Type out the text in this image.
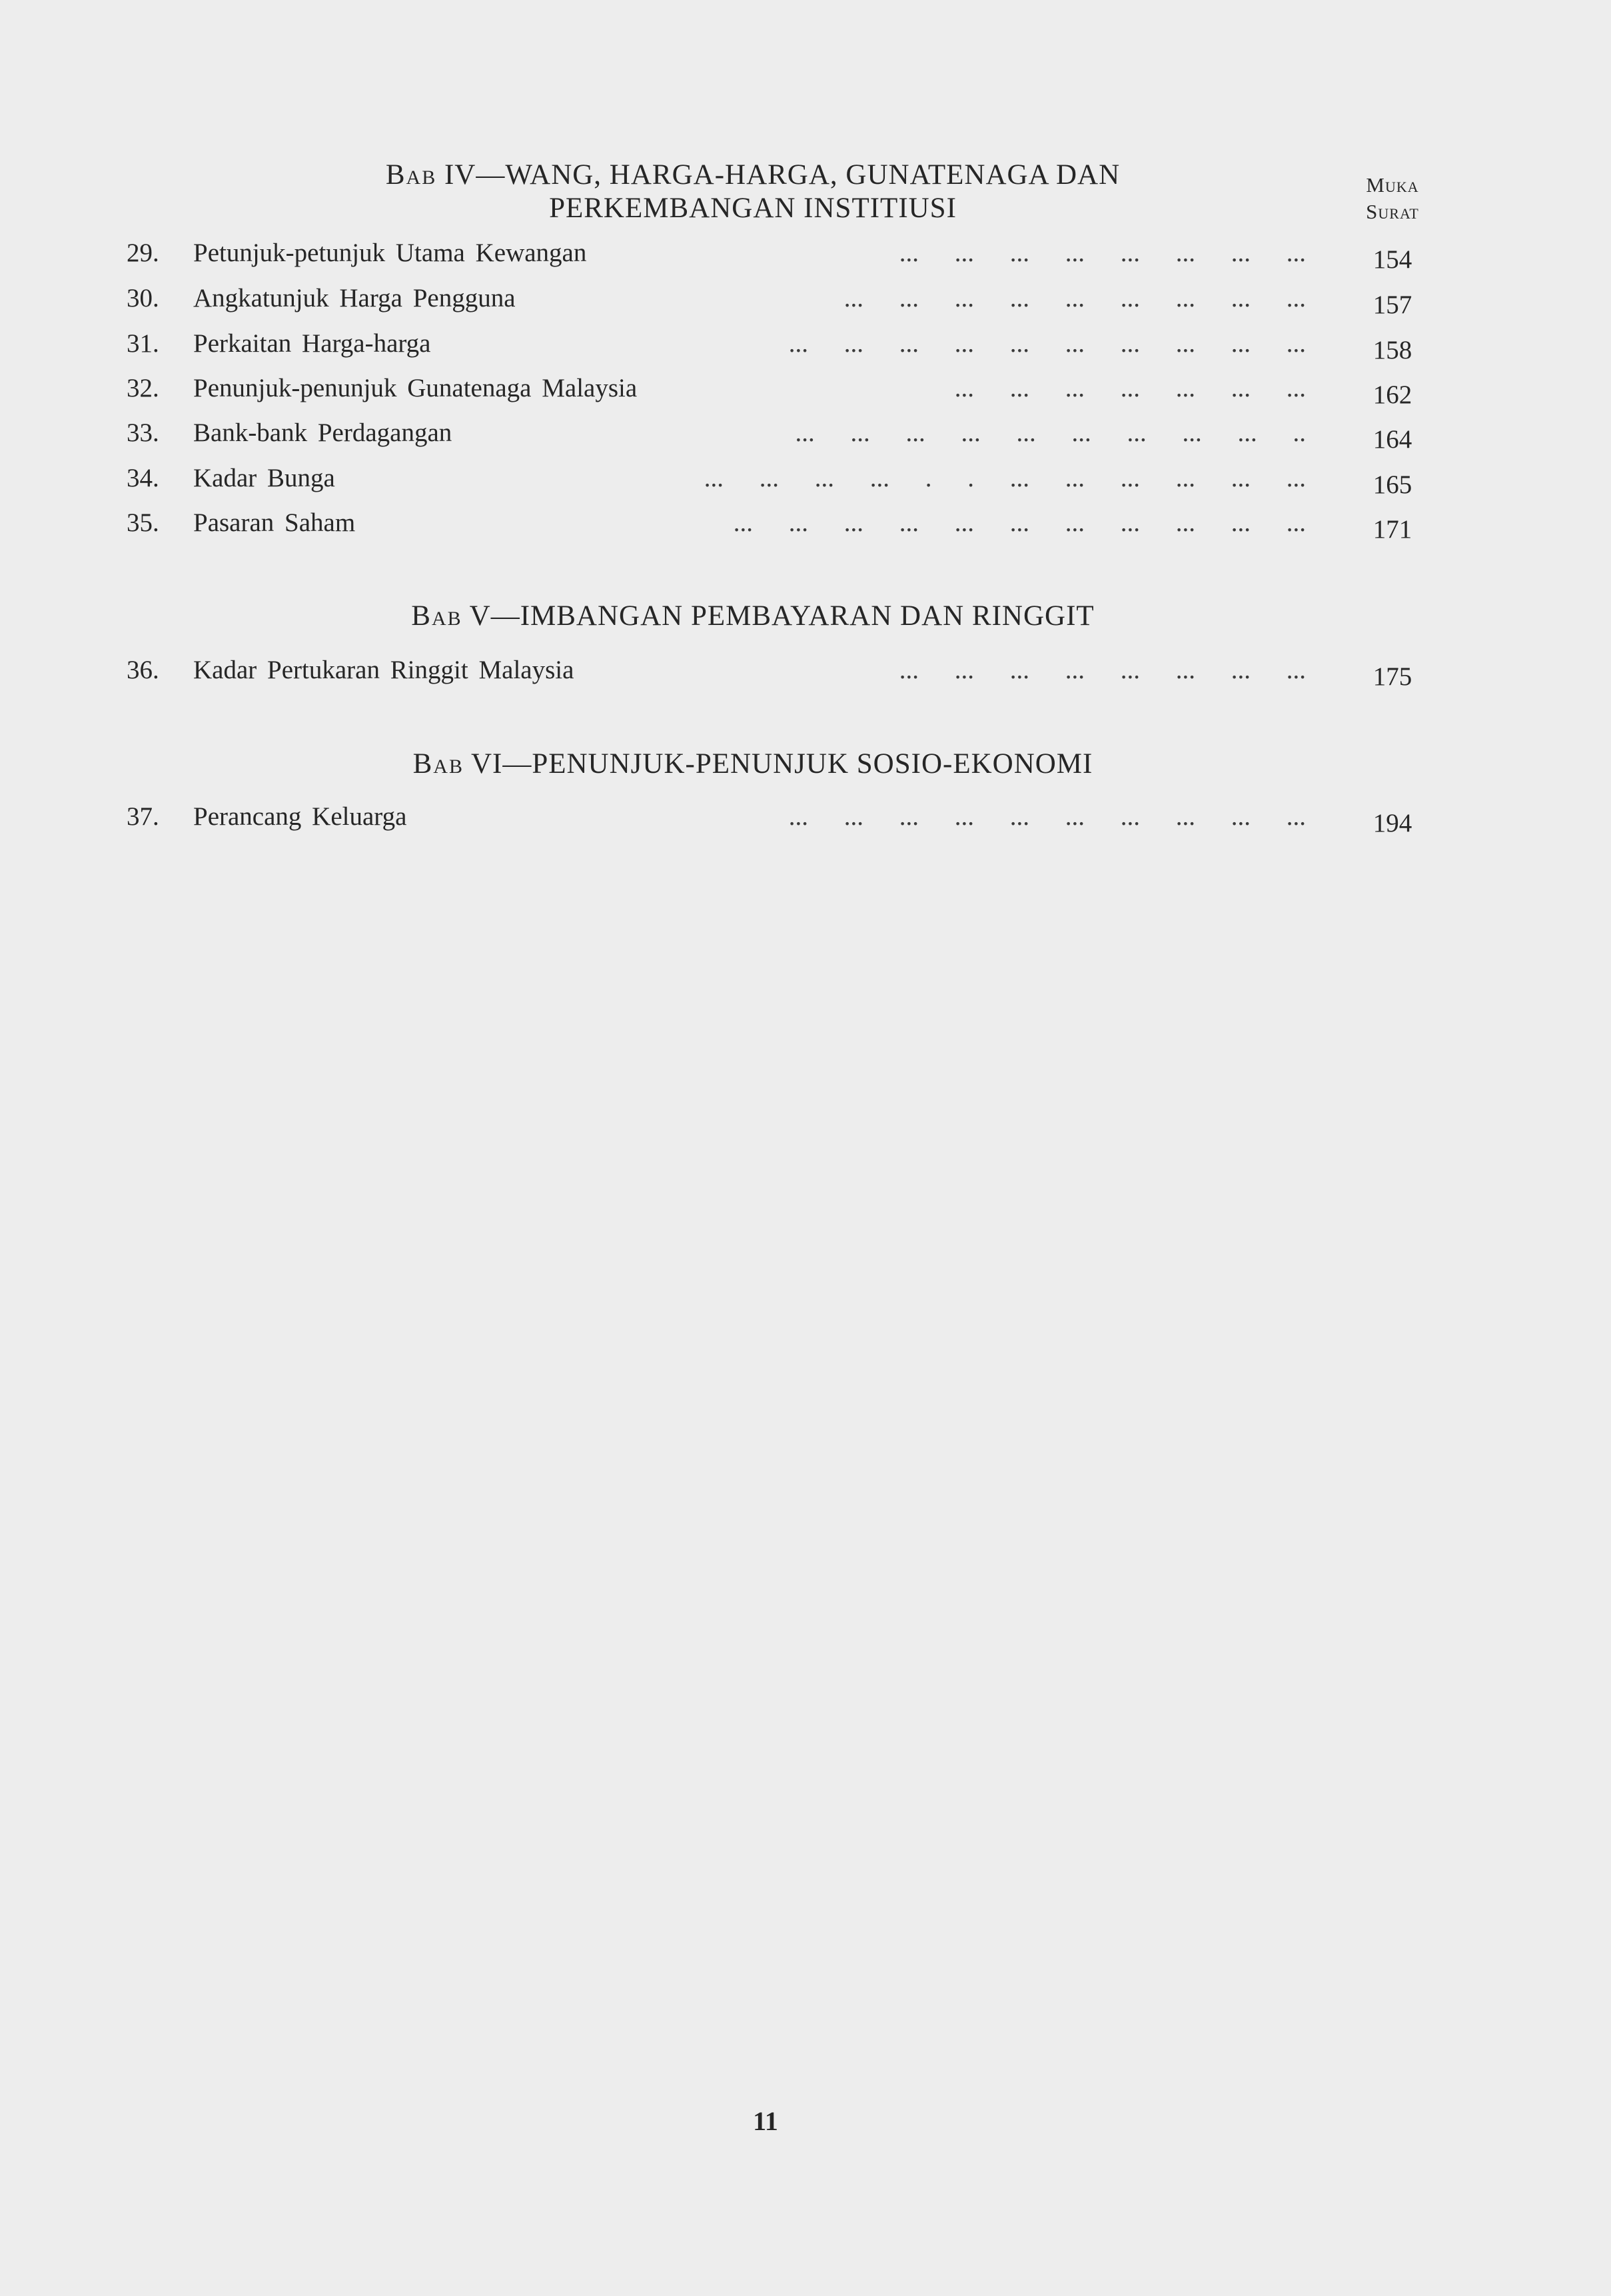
Bab IV—WANG, HARGA-HARGA, GUNATENAGA DAN
PERKEMBANGAN INSTITIUSI
Muka
Surat
29. Petunjuk-petunjuk Utama Kewangan	... ... ... ... ... ... ... ...	154
30. Angkatunjuk Harga Pengguna	... ... ... ... ... ... ... ... ...	157
31. Perkaitan Harga-harga	... ... ... ... ... ... ... ... ... ...	158
32. Penunjuk-penunjuk Gunatenaga Malaysia	... ... ... ... ... ... ...	162
33. Bank-bank Perdagangan	... ... ... ... ... ... ... ... ... ..	164
34. Kadar Bunga	... ... ... ... . . ... ... ... ... ... ...	165
35. Pasaran Saham	... ... ... ... ... ... ... ... ... ... ...	171
Bab V—IMBANGAN PEMBAYARAN DAN RINGGIT
36. Kadar Pertukaran Ringgit Malaysia	... ... ... ... ... ... ... ...	175
Bab VI—PENUNJUK-PENUNJUK SOSIO-EKONOMI
37. Perancang Keluarga	... ... ... ... ... ... ... ... ... ...	194
11
